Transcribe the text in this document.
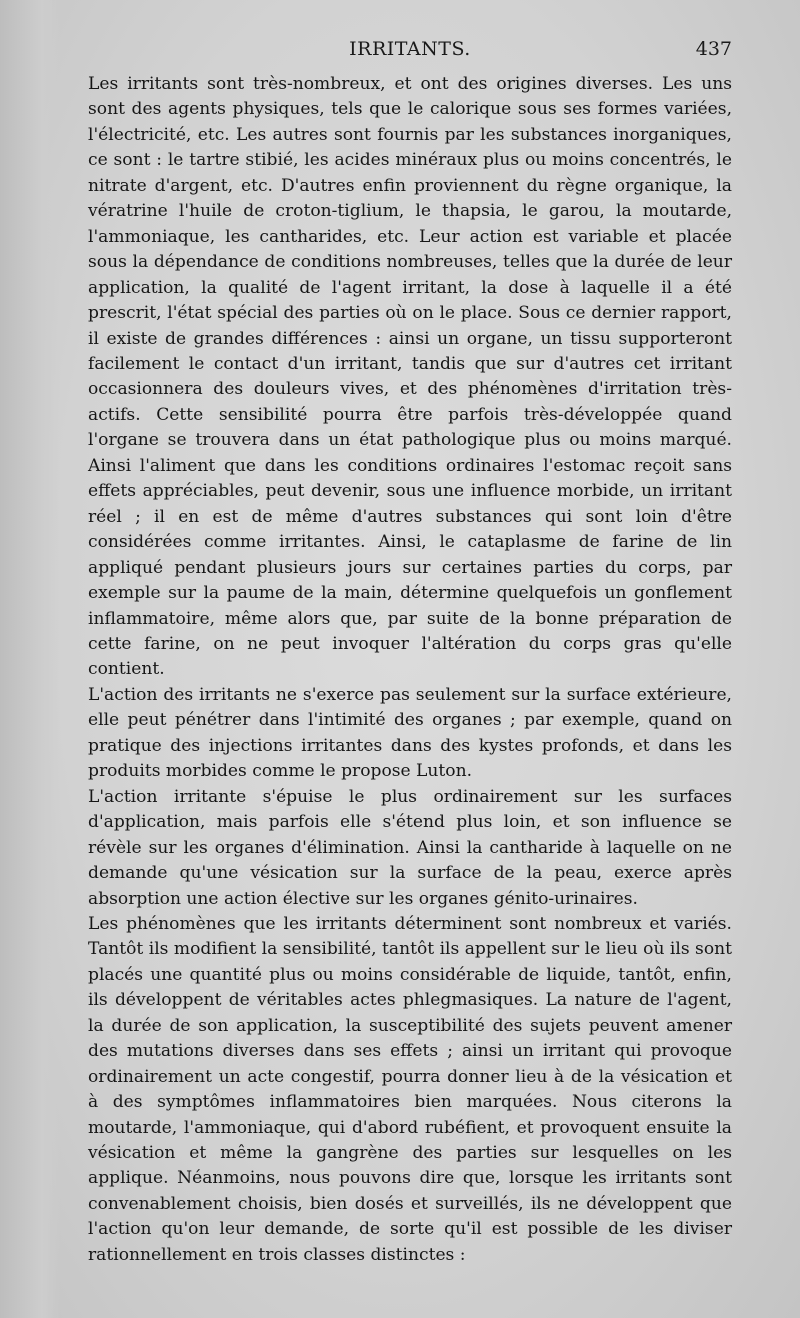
IRRITANTS.	437

Les irritants sont très-nombreux, et ont des origines diverses. Les uns sont des agents physiques, tels que le calorique sous ses formes variées, l'électricité, etc. Les autres sont fournis par les substances inorganiques, ce sont : le tartre stibié, les acides minéraux plus ou moins concentrés, le nitrate d'argent, etc. D'autres enfin proviennent du règne organique, la vératrine l'huile de croton-tiglium, le thapsia, le garou, la moutarde, l'ammoniaque, les cantharides, etc. Leur action est variable et placée sous la dépendance de conditions nombreuses, telles que la durée de leur application, la qualité de l'agent irritant, la dose à laquelle il a été prescrit, l'état spécial des parties où on le place. Sous ce dernier rapport, il existe de grandes différences : ainsi un organe, un tissu supporteront facilement le contact d'un irritant, tandis que sur d'autres cet irritant occasionnera des douleurs vives, et des phénomènes d'irritation très-actifs. Cette sensibilité pourra être parfois très-développée quand l'organe se trouvera dans un état pathologique plus ou moins marqué. Ainsi l'aliment que dans les conditions ordinaires l'estomac reçoit sans effets appréciables, peut devenir, sous une influence morbide, un irritant réel ; il en est de même d'autres substances qui sont loin d'être considérées comme irritantes. Ainsi, le cataplasme de farine de lin appliqué pendant plusieurs jours sur certaines parties du corps, par exemple sur la paume de la main, détermine quelquefois un gonflement inflammatoire, même alors que, par suite de la bonne préparation de cette farine, on ne peut invoquer l'altération du corps gras qu'elle contient.

L'action des irritants ne s'exerce pas seulement sur la surface extérieure, elle peut pénétrer dans l'intimité des organes ; par exemple, quand on pratique des injections irritantes dans des kystes profonds, et dans les produits morbides comme le propose Luton.

L'action irritante s'épuise le plus ordinairement sur les surfaces d'application, mais parfois elle s'étend plus loin, et son influence se révèle sur les organes d'élimination. Ainsi la cantharide à laquelle on ne demande qu'une vésication sur la surface de la peau, exerce après absorption une action élective sur les organes génito-urinaires.

Les phénomènes que les irritants déterminent sont nombreux et variés. Tantôt ils modifient la sensibilité, tantôt ils appellent sur le lieu où ils sont placés une quantité plus ou moins considérable de liquide, tantôt, enfin, ils développent de véritables actes phlegmasiques. La nature de l'agent, la durée de son application, la susceptibilité des sujets peuvent amener des mutations diverses dans ses effets ; ainsi un irritant qui provoque ordinairement un acte congestif, pourra donner lieu à de la vésication et à des symptômes inflammatoires bien marquées. Nous citerons la moutarde, l'ammoniaque, qui d'abord rubéfient, et provoquent ensuite la vésication et même la gangrène des parties sur lesquelles on les applique. Néanmoins, nous pouvons dire que, lorsque les irritants sont convenablement choisis, bien dosés et surveillés, ils ne développent que l'action qu'on leur demande, de sorte qu'il est possible de les diviser rationnellement en trois classes distinctes :
